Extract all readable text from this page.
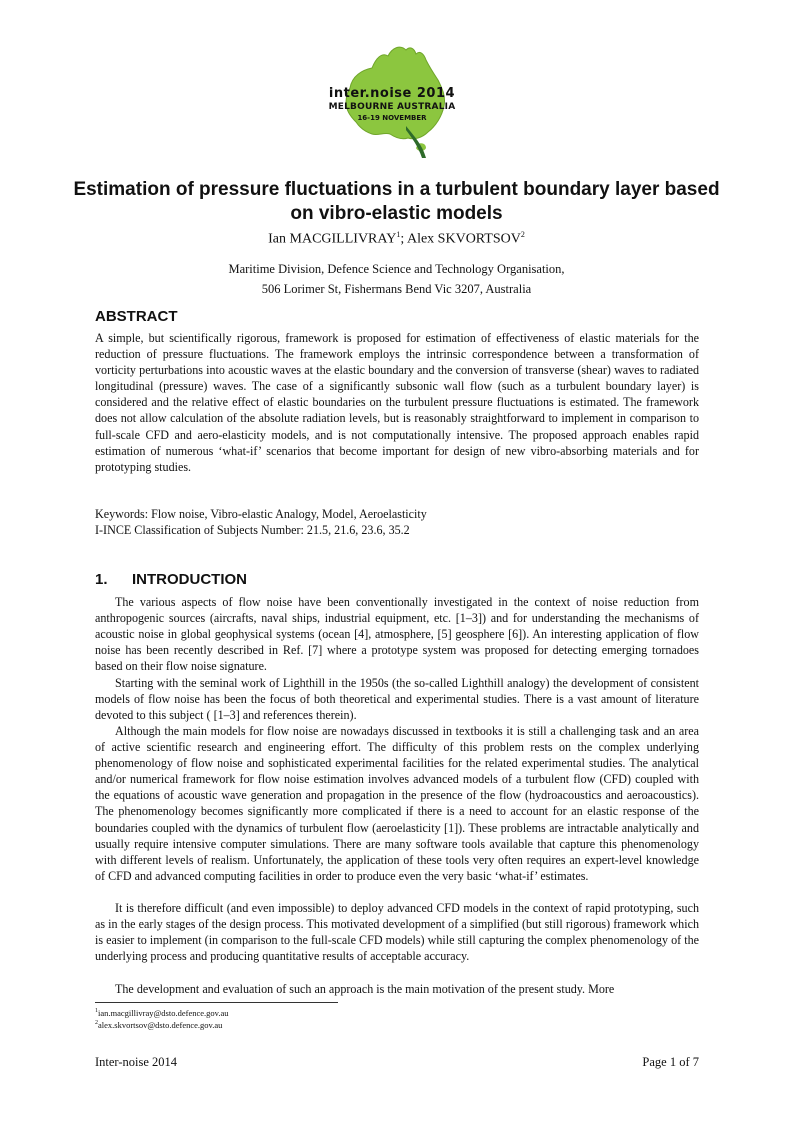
inter.noise 2014
MELBOURNE AUSTRALIA
16-19 NOVEMBER
Estimation of pressure fluctuations in a turbulent boundary layer based on vibro-elastic models
Ian MACGILLIVRAY$^1$; Alex SKVORTSOV$^2$
Maritime Division, Defence Science and Technology Organisation,
506 Lorimer St, Fishermans Bend Vic 3207, Australia
ABSTRACT

A simple, but scientifically rigorous, framework is proposed for estimation of effectiveness of elastic materials for the reduction of pressure fluctuations. The framework employs the intrinsic correspondence between a transformation of vorticity perturbations into acoustic waves at the elastic boundary and the conversion of transverse (shear) waves to radiated longitudinal (pressure) waves. The case of a significantly subsonic wall flow (such as a turbulent boundary layer) is considered and the relative effect of elastic boundaries on the turbulent pressure fluctuations is estimated. The framework does not allow calculation of the absolute radiation levels, but is reasonably straightforward to implement in comparison to full-scale CFD and aero-elasticity models, and is not computationally intensive. The proposed approach enables rapid estimation of numerous ‘what-if’ scenarios that become important for design of new vibro-absorbing materials and for prototyping studies.

Keywords: Flow noise, Vibro-elastic Analogy, Model, Aeroelasticity
I-INCE Classification of Subjects Number: 21.5, 21.6, 23.6, 35.2
1. INTRODUCTION

The various aspects of flow noise have been conventionally investigated in the context of noise reduction from anthropogenic sources (aircrafts, naval ships, industrial equipment, etc. [1–3]) and for understanding the mechanisms of acoustic noise in global geophysical systems (ocean [4], atmosphere, [5] geosphere [6]). An interesting application of flow noise has been recently described in Ref. [7] where a prototype system was proposed for detecting emerging tornadoes based on their flow noise signature.

Starting with the seminal work of Lighthill in the 1950s (the so-called Lighthill analogy) the development of consistent models of flow noise has been the focus of both theoretical and experimental studies. There is a vast amount of literature devoted to this subject ( [1–3] and references therein).

Although the main models for flow noise are nowadays discussed in textbooks it is still a challenging task and an area of active scientific research and engineering effort. The difficulty of this problem rests on the complex underlying phenomenology of flow noise and sophisticated experimental facilities for the related experimental studies. The analytical and/or numerical framework for flow noise estimation involves advanced models of a turbulent flow (CFD) coupled with the equations of acoustic wave generation and propagation in the presence of the flow (hydroacoustics and aeroacoustics). The phenomenology becomes significantly more complicated if there is a need to account for an elastic response of the boundaries coupled with the dynamics of turbulent flow (aeroelasticity [1]). These problems are intractable analytically and usually require intensive computer simulations. There are many software tools available that capture this phenomenology with different levels of realism. Unfortunately, the application of these tools very often requires an expert-level knowledge of CFD and advanced computing facilities in order to produce even the very basic ‘what-if’ estimates.

It is therefore difficult (and even impossible) to deploy advanced CFD models in the context of rapid prototyping, such as in the early stages of the design process. This motivated development of a simplified (but still rigorous) framework which is easier to implement (in comparison to the full-scale CFD models) while still capturing the complex phenomenology of the underlying process and producing quantitative results of acceptable accuracy.

The development and evaluation of such an approach is the main motivation of the present study. More

$^1$ian.macgillivray@dsto.defence.gov.au
$^2$alex.skvortsov@dsto.defence.gov.au
Inter-noise 2014	Page 1 of 7
